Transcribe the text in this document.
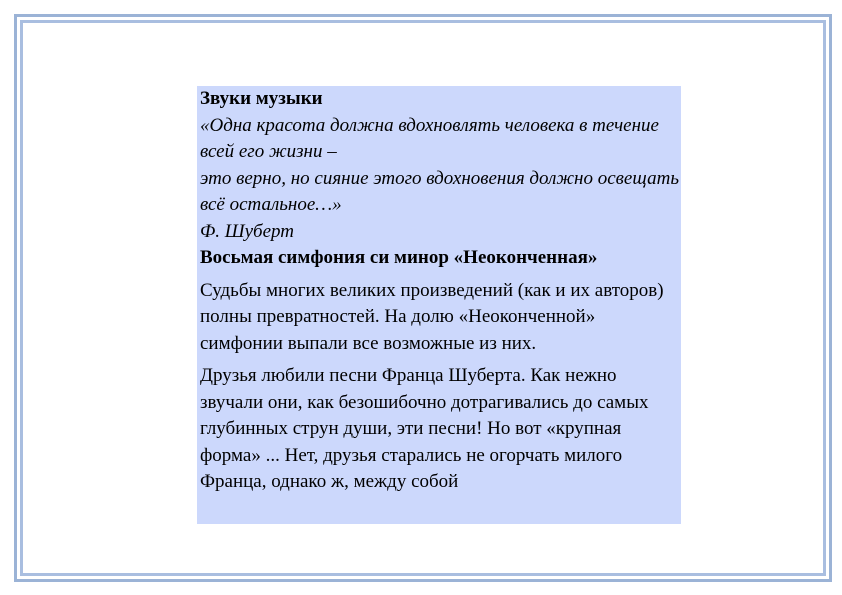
Звуки музыки

«Одна красота должна вдохновлять человека в течение всей его жизни –

это верно, но сияние этого вдохновения должно освещать всё остальное…»

Ф. Шуберт

Восьмая симфония си минор «Неоконченная»

Судьбы многих великих произведений (как и их авторов) полны превратностей. На долю «Неоконченной» симфонии выпали все возможные из них.

Друзья любили песни Франца Шуберта. Как нежно звучали они, как безошибочно дотрагивались до самых глубинных струн души, эти песни! Но вот «крупная форма» ... Нет, друзья старались не огорчать милого Франца, однако ж, между собой
